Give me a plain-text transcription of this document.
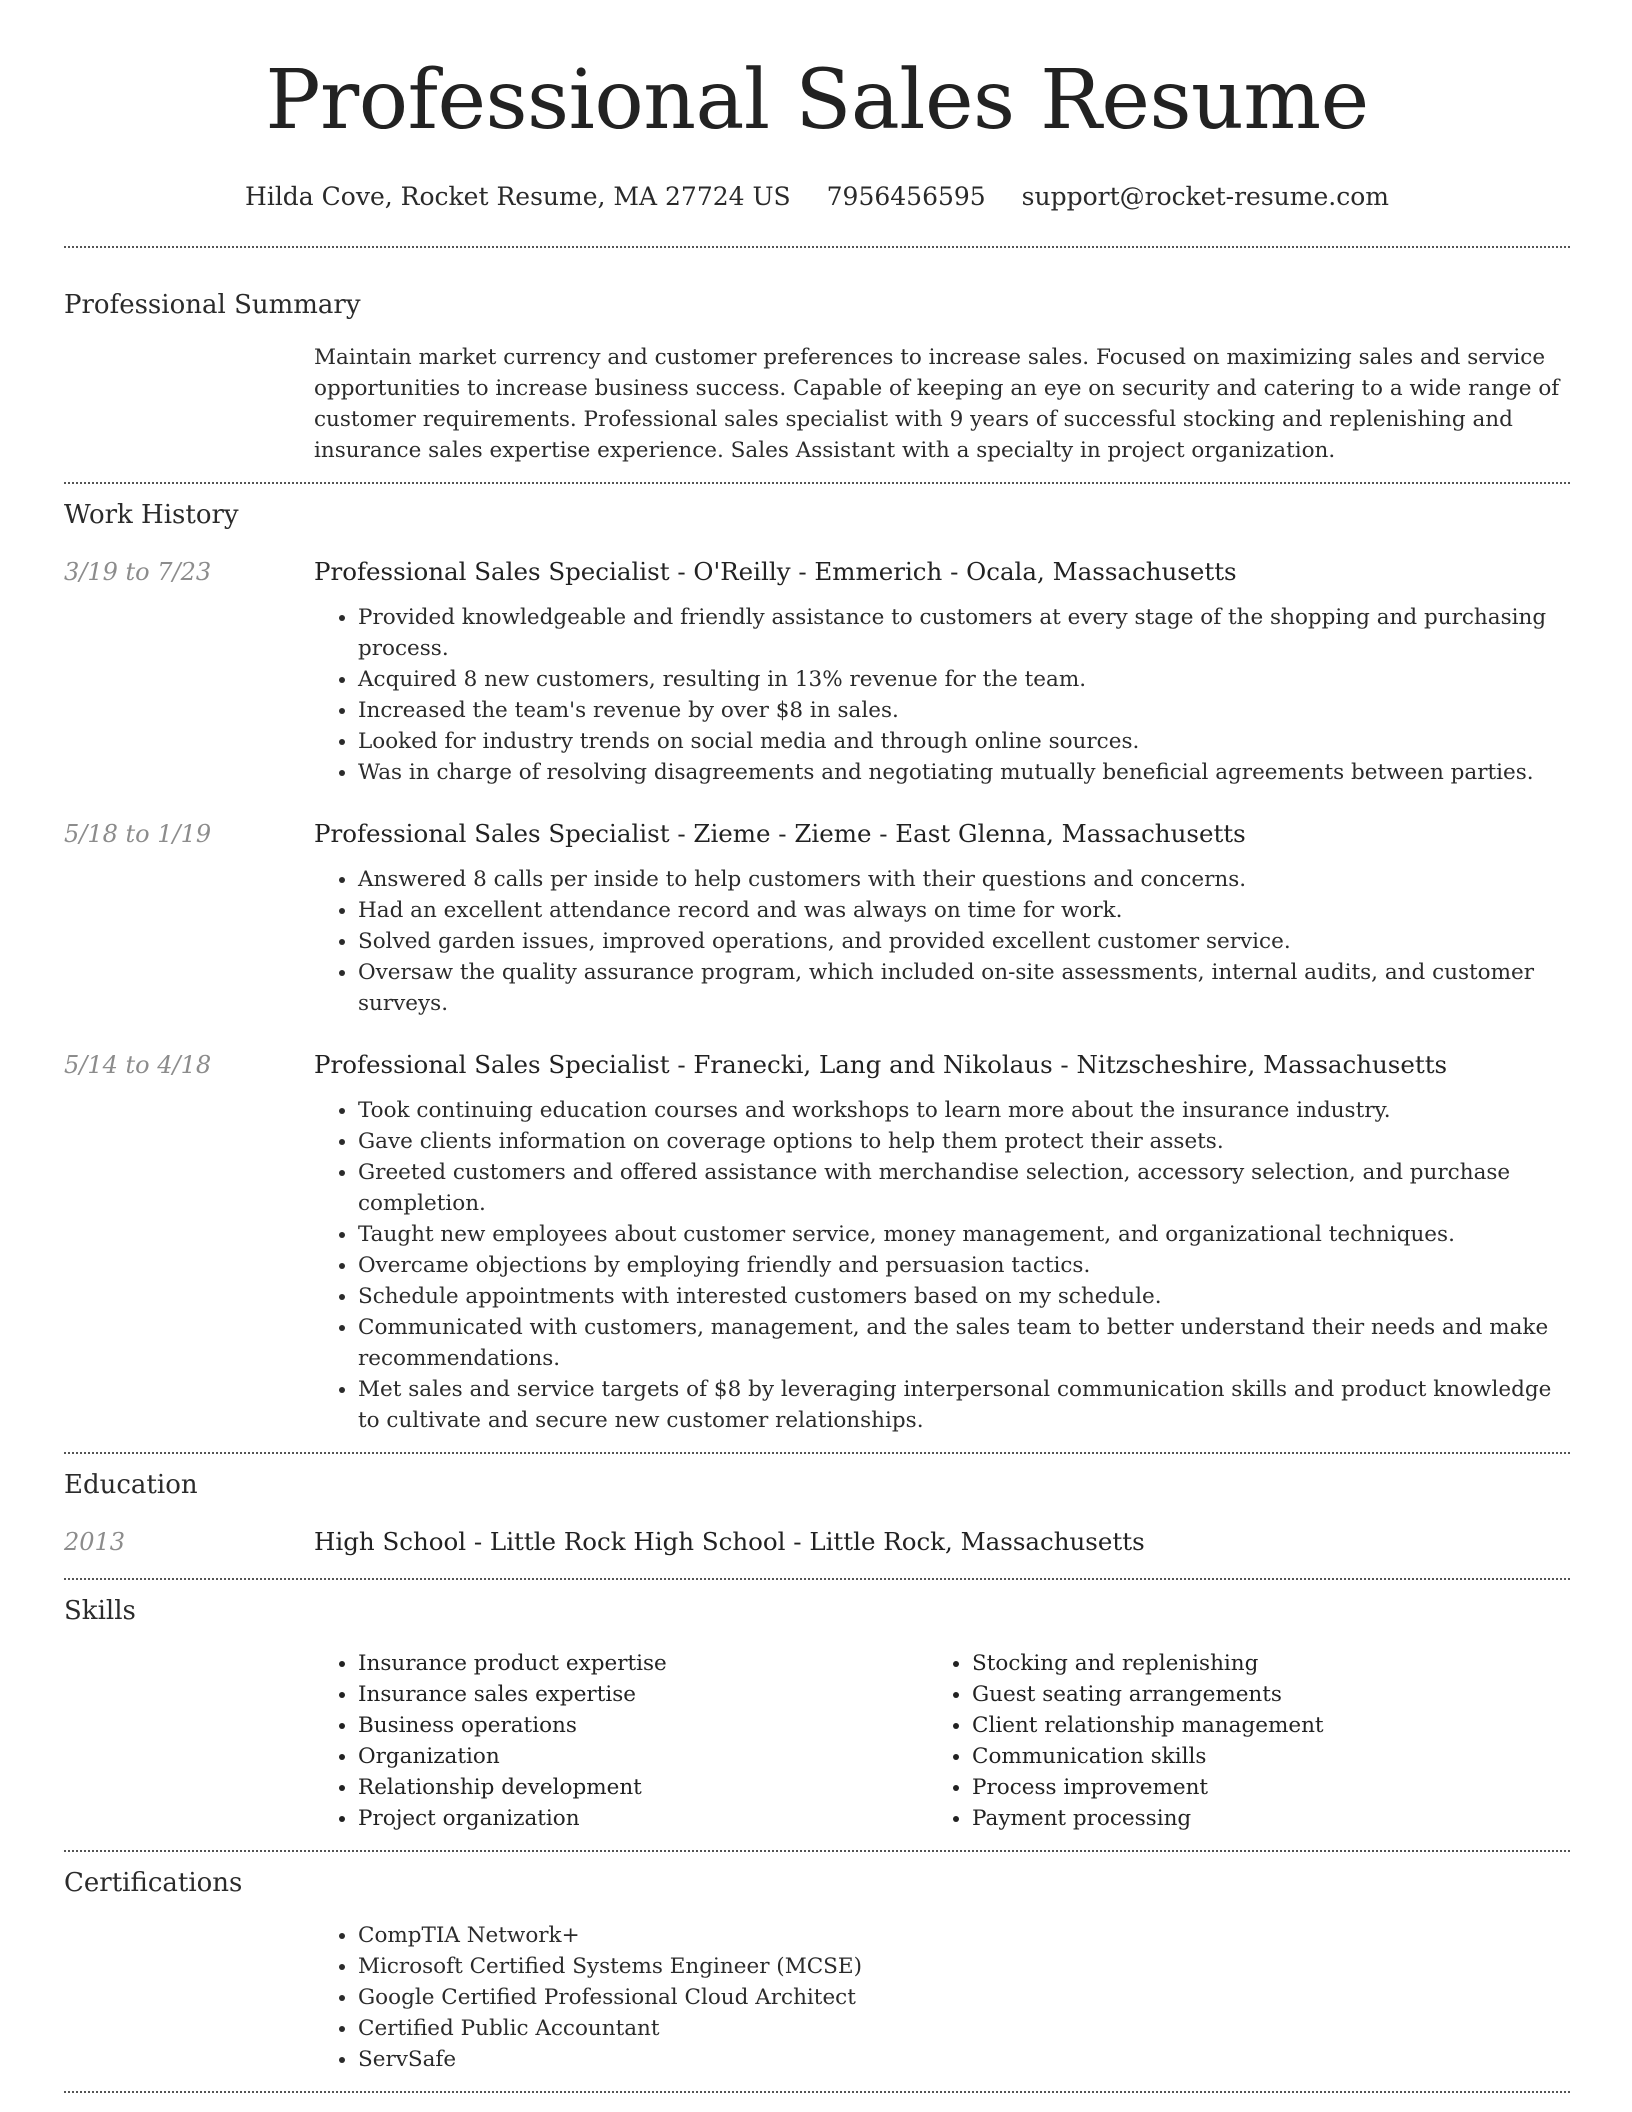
Professional Sales Resume
Hilda Cove, Rocket Resume, MA 27724 US 7956456595 support@rocket-resume.com
Professional Summary

Maintain market currency and customer preferences to increase sales. Focused on maximizing sales and service opportunities to increase business success. Capable of keeping an eye on security and catering to a wide range of customer requirements. Professional sales specialist with 9 years of successful stocking and replenishing and insurance sales expertise experience. Sales Assistant with a specialty in project organization.

Work History
3/19 to 7/23	Professional Sales Specialist - O'Reilly - Emmerich - Ocala, Massachusetts

• Provided knowledgeable and friendly assistance to customers at every stage of the shopping and purchasing process.
• Acquired 8 new customers, resulting in 13% revenue for the team.
• Increased the team's revenue by over $8 in sales.
• Looked for industry trends on social media and through online sources.
• Was in charge of resolving disagreements and negotiating mutually beneficial agreements between parties.
5/18 to 1/19	Professional Sales Specialist - Zieme - Zieme - East Glenna, Massachusetts

• Answered 8 calls per inside to help customers with their questions and concerns.
• Had an excellent attendance record and was always on time for work.
• Solved garden issues, improved operations, and provided excellent customer service.
• Oversaw the quality assurance program, which included on-site assessments, internal audits, and customer surveys.
5/14 to 4/18	Professional Sales Specialist - Franecki, Lang and Nikolaus - Nitzscheshire, Massachusetts

• Took continuing education courses and workshops to learn more about the insurance industry.
• Gave clients information on coverage options to help them protect their assets.
• Greeted customers and offered assistance with merchandise selection, accessory selection, and purchase completion.
• Taught new employees about customer service, money management, and organizational techniques.
• Overcame objections by employing friendly and persuasion tactics.
• Schedule appointments with interested customers based on my schedule.
• Communicated with customers, management, and the sales team to better understand their needs and make recommendations.
• Met sales and service targets of $8 by leveraging interpersonal communication skills and product knowledge to cultivate and secure new customer relationships.
Education
2013	High School - Little Rock High School - Little Rock, Massachusetts

Skills
• Insurance product expertise
• Insurance sales expertise
• Business operations
• Organization
• Relationship development
• Project organization
• Stocking and replenishing
• Guest seating arrangements
• Client relationship management
• Communication skills
• Process improvement
• Payment processing
Certifications
• CompTIA Network+
• Microsoft Certified Systems Engineer (MCSE)
• Google Certified Professional Cloud Architect
• Certified Public Accountant
• ServSafe
